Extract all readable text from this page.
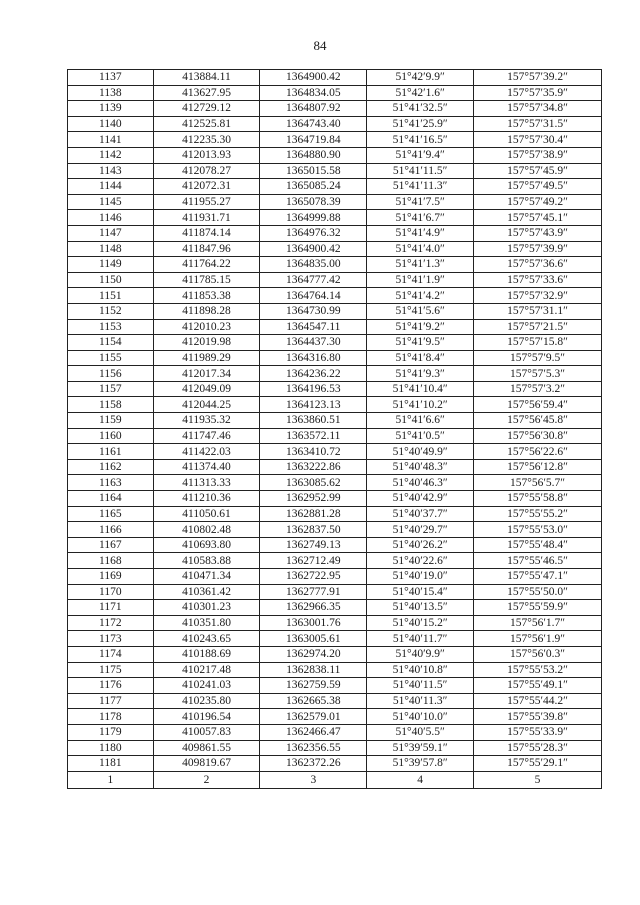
84
1137	413884.11	1364900.42	51°42′9.9″	157°57′39.2″
1138	413627.95	1364834.05	51°42′1.6″	157°57′35.9″
1139	412729.12	1364807.92	51°41′32.5″	157°57′34.8″
1140	412525.81	1364743.40	51°41′25.9″	157°57′31.5″
1141	412235.30	1364719.84	51°41′16.5″	157°57′30.4″
1142	412013.93	1364880.90	51°41′9.4″	157°57′38.9″
1143	412078.27	1365015.58	51°41′11.5″	157°57′45.9″
1144	412072.31	1365085.24	51°41′11.3″	157°57′49.5″
1145	411955.27	1365078.39	51°41′7.5″	157°57′49.2″
1146	411931.71	1364999.88	51°41′6.7″	157°57′45.1″
1147	411874.14	1364976.32	51°41′4.9″	157°57′43.9″
1148	411847.96	1364900.42	51°41′4.0″	157°57′39.9″
1149	411764.22	1364835.00	51°41′1.3″	157°57′36.6″
1150	411785.15	1364777.42	51°41′1.9″	157°57′33.6″
1151	411853.38	1364764.14	51°41′4.2″	157°57′32.9″
1152	411898.28	1364730.99	51°41′5.6″	157°57′31.1″
1153	412010.23	1364547.11	51°41′9.2″	157°57′21.5″
1154	412019.98	1364437.30	51°41′9.5″	157°57′15.8″
1155	411989.29	1364316.80	51°41′8.4″	157°57′9.5″
1156	412017.34	1364236.22	51°41′9.3″	157°57′5.3″
1157	412049.09	1364196.53	51°41′10.4″	157°57′3.2″
1158	412044.25	1364123.13	51°41′10.2″	157°56′59.4″
1159	411935.32	1363860.51	51°41′6.6″	157°56′45.8″
1160	411747.46	1363572.11	51°41′0.5″	157°56′30.8″
1161	411422.03	1363410.72	51°40′49.9″	157°56′22.6″
1162	411374.40	1363222.86	51°40′48.3″	157°56′12.8″
1163	411313.33	1363085.62	51°40′46.3″	157°56′5.7″
1164	411210.36	1362952.99	51°40′42.9″	157°55′58.8″
1165	411050.61	1362881.28	51°40′37.7″	157°55′55.2″
1166	410802.48	1362837.50	51°40′29.7″	157°55′53.0″
1167	410693.80	1362749.13	51°40′26.2″	157°55′48.4″
1168	410583.88	1362712.49	51°40′22.6″	157°55′46.5″
1169	410471.34	1362722.95	51°40′19.0″	157°55′47.1″
1170	410361.42	1362777.91	51°40′15.4″	157°55′50.0″
1171	410301.23	1362966.35	51°40′13.5″	157°55′59.9″
1172	410351.80	1363001.76	51°40′15.2″	157°56′1.7″
1173	410243.65	1363005.61	51°40′11.7″	157°56′1.9″
1174	410188.69	1362974.20	51°40′9.9″	157°56′0.3″
1175	410217.48	1362838.11	51°40′10.8″	157°55′53.2″
1176	410241.03	1362759.59	51°40′11.5″	157°55′49.1″
1177	410235.80	1362665.38	51°40′11.3″	157°55′44.2″
1178	410196.54	1362579.01	51°40′10.0″	157°55′39.8″
1179	410057.83	1362466.47	51°40′5.5″	157°55′33.9″
1180	409861.55	1362356.55	51°39′59.1″	157°55′28.3″
1181	409819.67	1362372.26	51°39′57.8″	157°55′29.1″
1	2	3	4	5
